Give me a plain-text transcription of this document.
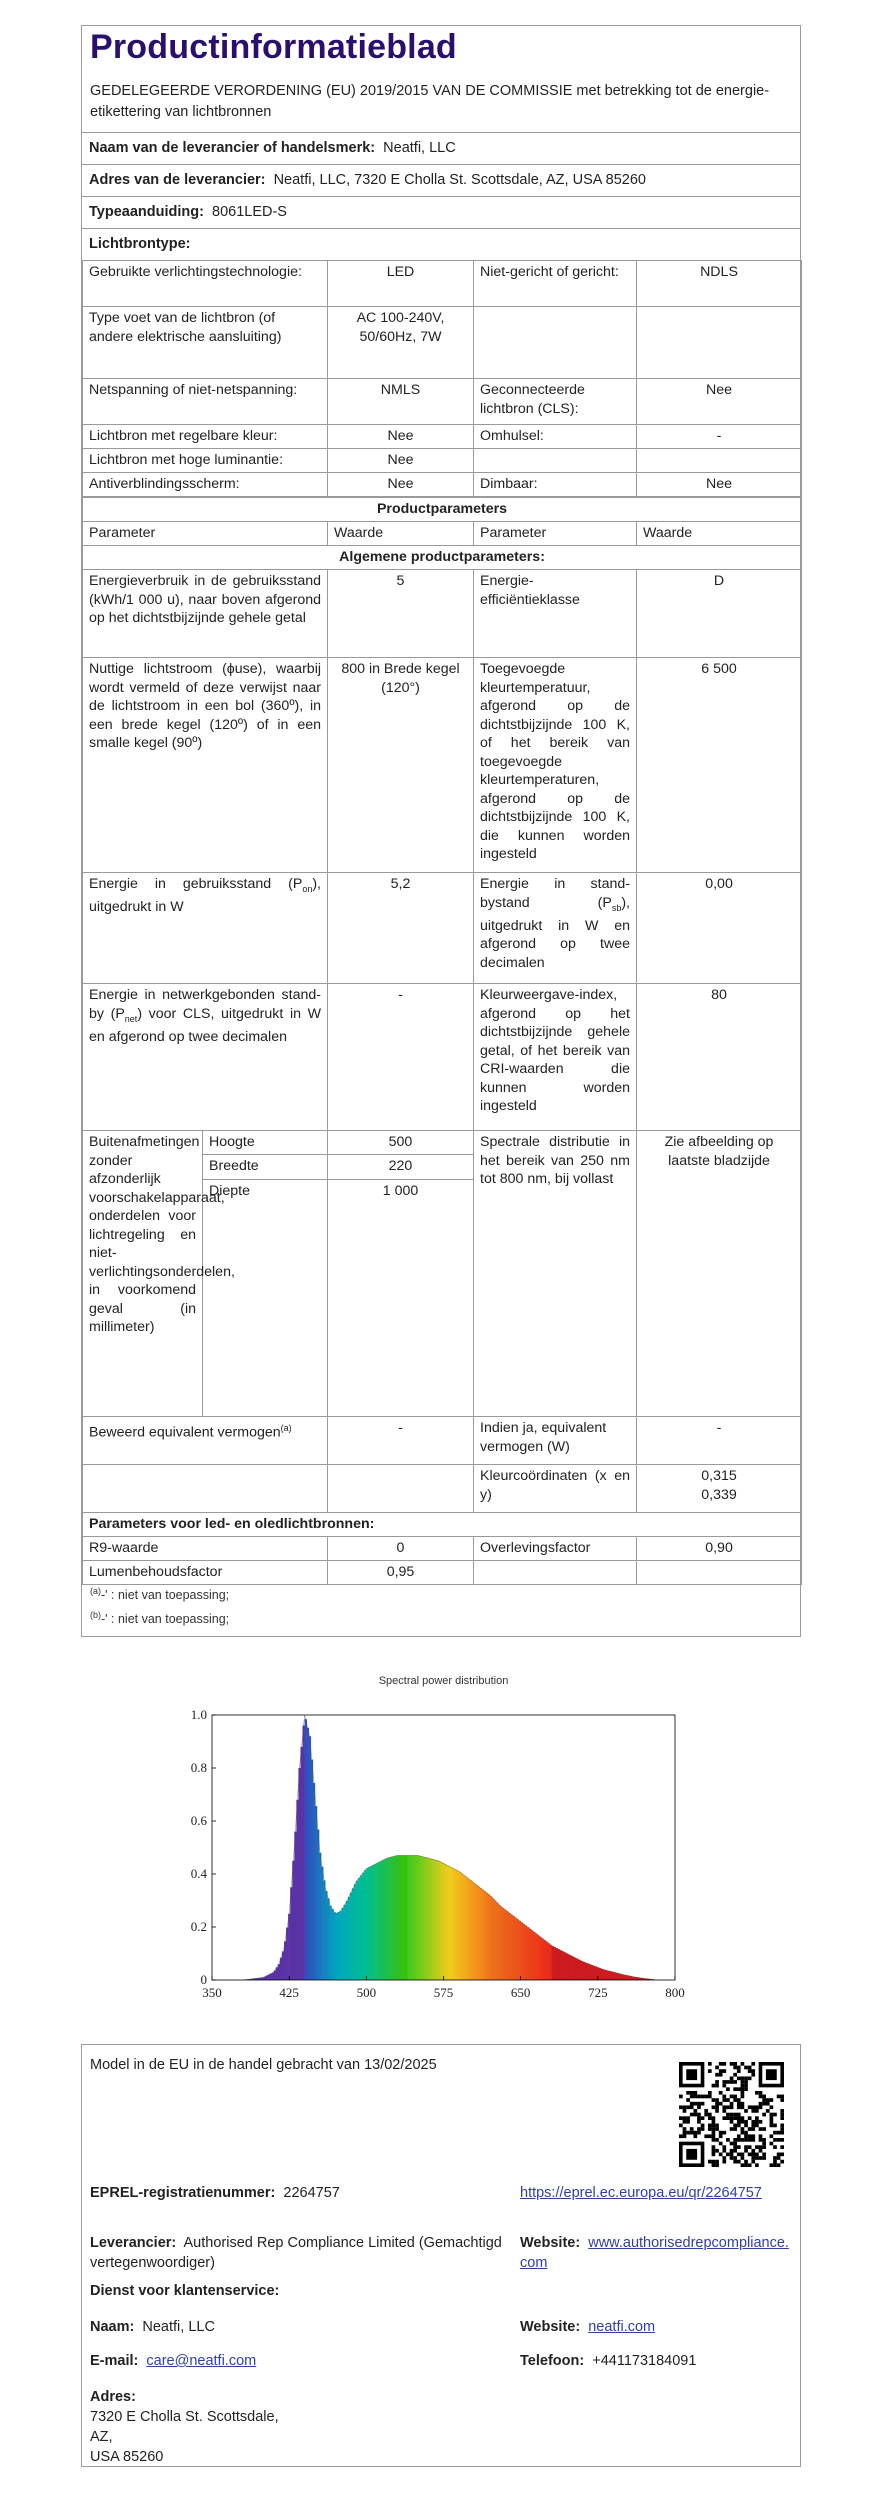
Productinformatieblad
GEDELEGEERDE VERORDENING (EU) 2019/2015 VAN DE COMMISSIE met betrekking tot de energie-etikettering van lichtbronnen
Naam van de leverancier of handelsmerk: Neatfi, LLC
Adres van de leverancier: Neatfi, LLC, 7320 E Cholla St. Scottsdale, AZ, USA 85260
Typeaanduiding: 8061LED-S
Lichtbrontype:
Gebruikte verlichtingstechnologie:	LED	Niet-gericht of gericht:	NDLS
Type voet van de lichtbron (of andere elektrische aansluiting)	AC 100-240V, 50/60Hz, 7W		
Netspanning of niet-netspanning:	NMLS	Geconnecteerde lichtbron (CLS):	Nee
Lichtbron met regelbare kleur:	Nee	Omhulsel:	-
Lichtbron met hoge luminantie:	Nee		
Antiverblindingsscherm:	Nee	Dimbaar:	Nee
Productparameters				
Parameter		Waarde	Parameter	Waarde
Algemene productparameters:				
Energieverbruik in de gebruiksstand (kWh/1 000 u), naar boven afgerond op het dichtstbijzijnde gehele getal		5	Energie-efficiëntieklasse	D
Nuttige lichtstroom (ϕuse), waarbij wordt vermeld of deze verwijst naar de lichtstroom in een bol (360º), in een brede kegel (120º) of in een smalle kegel (90º)		800 in Brede kegel (120°)	Toegevoegde kleurtemperatuur, afgerond op de dichtstbijzijnde 100 K, of het bereik van toegevoegde kleurtemperaturen, afgerond op de dichtstbijzijnde 100 K, die kunnen worden ingesteld	6 500
Energie in gebruiksstand $(P_{on})$, uitgedrukt in W		5,2	Energie in stand-bystand $(P_{sb})$, uitgedrukt in W en afgerond op twee decimalen	0,00
Energie in netwerkgebonden stand-by $(P_{net})$ voor CLS, uitgedrukt in W en afgerond op twee decimalen		-	Kleurweergave-index, afgerond op het dichtstbijzijnde gehele getal, of het bereik van CRI-waarden die kunnen worden ingesteld	80
Buitenafmetingen zonder afzonderlijk voorschakelapparaat, onderdelen voor lichtregeling en niet-verlichtingsonderdelen, in voorkomend geval (in millimeter)	Hoogte	500	Spectrale distributie in het bereik van 250 nm tot 800 nm, bij vollast	Zie afbeelding op laatste bladzijde
	Breedte	220		
	Diepte	1 000		
Beweerd equivalent vermogen$^{(a)}$		-	Indien ja, equivalent vermogen (W)	-
			Kleurcoördinaten (x en y)	0,315
0,339

Parameters voor led- en oledlichtbronnen:				
R9-waarde		0	Overlevingsfactor	0,90
Lumenbehoudsfactor		0,95		
$^{(a)}$-' : niet van toepassing;
$^{(b)}$-' : niet van toepassing;
Spectral power distribution
350	425	500	575	650	725	800
0
0.2
0.4
0.6
0.8
1.0
Model in de EU in de handel gebracht van 13/02/2025
EPREL-registratienummer: 2264757	https://eprel.ec.europa.eu/qr/2264757
Leverancier: Authorised Rep Compliance Limited (Gemachtigd vertegenwoordiger)
Website: www.authorisedrepcompliance.com
Dienst voor klantenservice:
Naam: Neatfi, LLC	Website: neatfi.com
E-mail: care@neatfi.com	Telefoon: +441173184091
Adres:
7320 E Cholla St. Scottsdale,
AZ,
USA 85260
